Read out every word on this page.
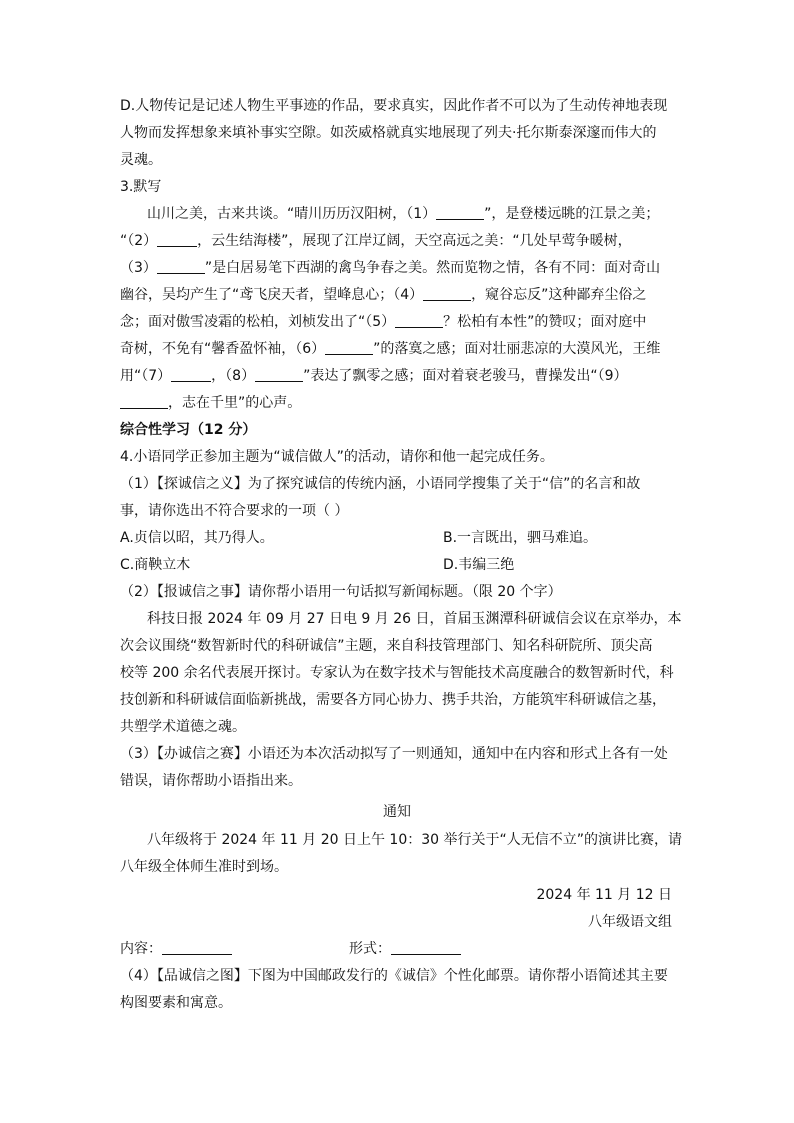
D.人物传记是记述人物生平事迹的作品，要求真实，因此作者不可以为了生动传神地表现
人物而发挥想象来填补事实空隙。如茨威格就真实地展现了列夫·托尔斯泰深邃而伟大的
灵魂。
3.默写
山川之美，古来共谈。“晴川历历汉阳树，（1）	”，是登楼远眺的江景之美；
“（2）	，云生结海楼”，展现了江岸辽阔，天空高远之美：“几处早莺争暖树，
（3）	”是白居易笔下西湖的禽鸟争春之美。然而览物之情，各有不同：面对奇山
幽谷，吴均产生了“鸢飞戾天者，望峰息心；（4）	，窥谷忘反”这种鄙弃尘俗之
念；面对傲雪凌霜的松柏，刘桢发出了“（5）	？松柏有本性”的赞叹；面对庭中
奇树，不免有“馨香盈怀袖，（6）	”的落寞之感；面对壮丽悲凉的大漠风光，王维
用“（7）	，（8）	”表达了飘零之感；面对着衰老骏马，曹操发出“（9）
，志在千里”的心声。
综合性学习（12 分）
4.小语同学正参加主题为“诚信做人”的活动，请你和他一起完成任务。
（1）【探诚信之义】为了探究诚信的传统内涵，小语同学搜集了关于“信”的名言和故
事，请你选出不符合要求的一项（ ）
A.贞信以昭，其乃得人。	B.一言既出，驷马难追。
C.商鞅立木	D.韦编三绝
（2）【报诚信之事】请你帮小语用一句话拟写新闻标题。（限 20 个字）
科技日报 2024 年 09 月 27 日电 9 月 26 日，首届玉渊潭科研诚信会议在京举办，本
次会议围绕“数智新时代的科研诚信”主题，来自科技管理部门、知名科研院所、顶尖高
校等 200 余名代表展开探讨。专家认为在数字技术与智能技术高度融合的数智新时代，科
技创新和科研诚信面临新挑战，需要各方同心协力、携手共治，方能筑牢科研诚信之基，
共塑学术道德之魂。
（3）【办诚信之赛】小语还为本次活动拟写了一则通知，通知中在内容和形式上各有一处
错误，请你帮助小语指出来。
通知
八年级将于 2024 年 11 月 20 日上午 10：30 举行关于“人无信不立”的演讲比赛，请
八年级全体师生准时到场。
2024 年 11 月 12 日
八年级语文组
内容：	形式：
（4）【品诚信之图】下图为中国邮政发行的《诚信》个性化邮票。请你帮小语简述其主要
构图要素和寓意。
